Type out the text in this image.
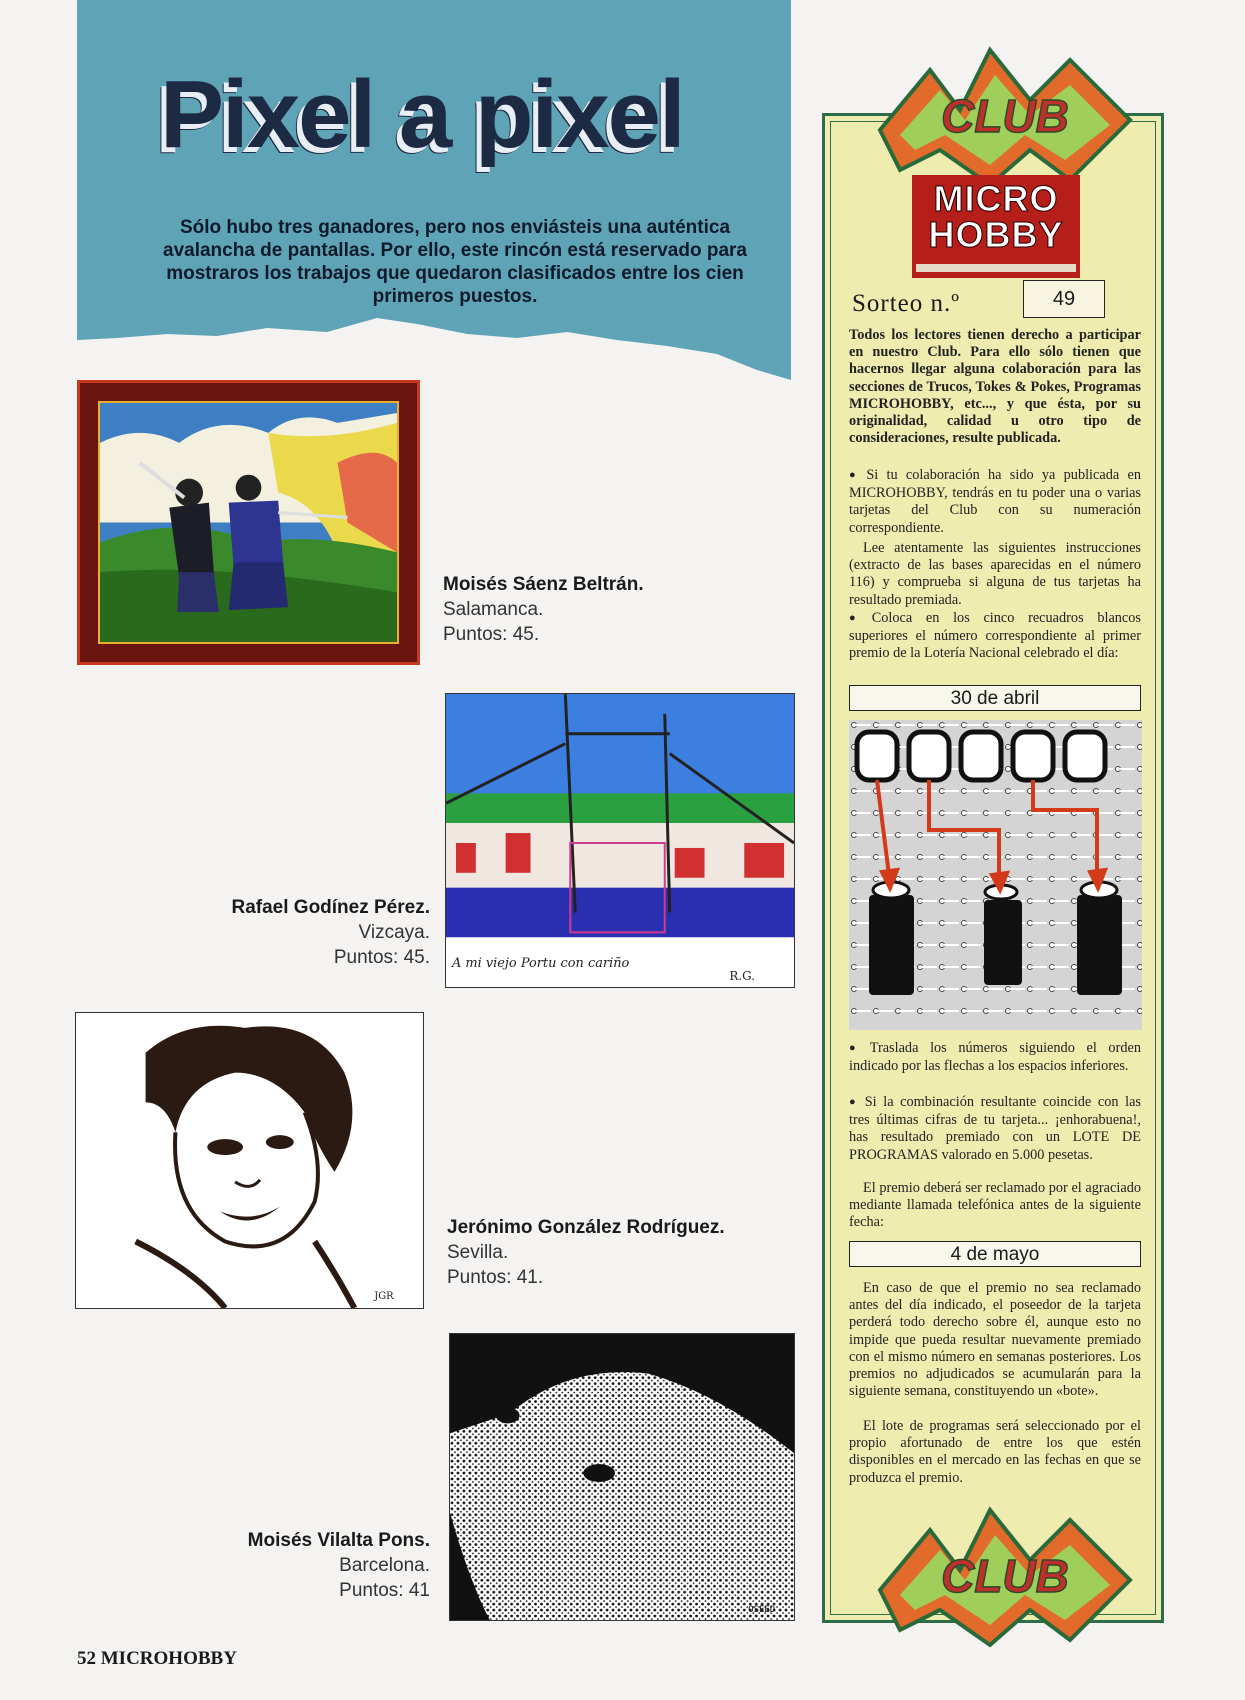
Pixel a pixel

Sólo hubo tres ganadores, pero nos enviásteis una auténtica avalancha de pantallas. Por ello, este rincón está reservado para mostraros los trabajos que quedaron clasificados entre los cien primeros puestos.

Moisés Sáenz Beltrán.
Salamanca.
Puntos: 45.
A mi viejo Portu con cariño
R.G.
Rafael Godínez Pérez.
Vizcaya.
Puntos: 45.
JGR
Jerónimo González Rodríguez.
Sevilla.
Puntos: 41.
OSEED
Moisés Vilalta Pons.
Barcelona.
Puntos: 41

52 MICROHOBBY

CLUB
MICRO
HOBBY

Sorteo n.º	49

Todos los lectores tienen derecho a participar en nuestro Club. Para ello sólo tienen que hacernos llegar alguna colaboración para las secciones de Trucos, Tokes & Pokes, Programas MICROHOBBY, etc..., y que ésta, por su originalidad, calidad u otro tipo de consideraciones, resulte publicada.

● Si tu colaboración ha sido ya publicada en MICROHOBBY, tendrás en tu poder una o varias tarjetas del Club con su numeración correspondiente.

Lee atentamente las siguientes instrucciones (extracto de las bases aparecidas en el número 116) y comprueba si alguna de tus tarjetas ha resultado premiada.

● Coloca en los cinco recuadros blancos superiores el número correspondiente al primer premio de la Lotería Nacional celebrado el día:

30 de abril

● Traslada los números siguiendo el orden indicado por las flechas a los espacios inferiores.

● Si la combinación resultante coincide con las tres últimas cifras de tu tarjeta... ¡enhorabuena!, has resultado premiado con un LOTE DE PROGRAMAS valorado en 5.000 pesetas.

El premio deberá ser reclamado por el agraciado mediante llamada telefónica antes de la siguiente fecha:

4 de mayo

En caso de que el premio no sea reclamado antes del día indicado, el poseedor de la tarjeta perderá todo derecho sobre él, aunque esto no impide que pueda resultar nuevamente premiado con el mismo número en semanas posteriores. Los premios no adjudicados se acumularán para la siguiente semana, constituyendo un «bote».

El lote de programas será seleccionado por el propio afortunado de entre los que estén disponibles en el mercado en las fechas en que se produzca el premio.

CLUB
